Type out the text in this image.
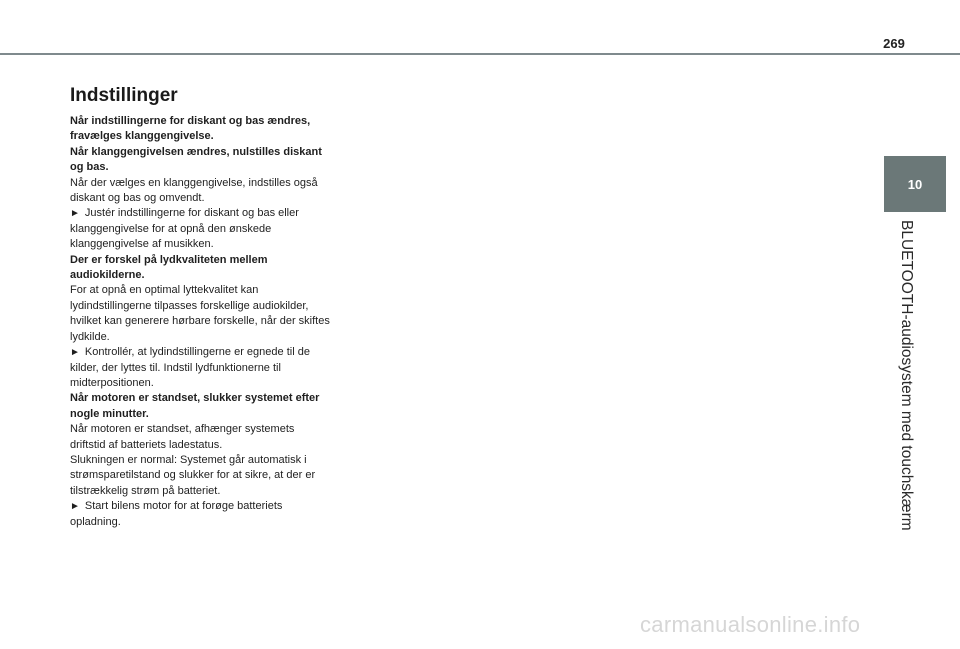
269
10
BLUETOOTH-audiosystem med touchskærm
Indstillinger

Når indstillingerne for diskant og bas ændres, fravælges klanggengivelse.

Når klanggengivelsen ændres, nulstilles diskant og bas.

Når der vælges en klanggengivelse, indstilles også diskant og bas og omvendt.

► Justér indstillingerne for diskant og bas eller klanggengivelse for at opnå den ønskede klanggengivelse af musikken.

Der er forskel på lydkvaliteten mellem audiokilderne.

For at opnå en optimal lyttekvalitet kan lydindstillingerne tilpasses forskellige audiokilder, hvilket kan generere hørbare forskelle, når der skiftes lydkilde.

► Kontrollér, at lydindstillingerne er egnede til de kilder, der lyttes til. Indstil lydfunktionerne til midterpositionen.

Når motoren er standset, slukker systemet efter nogle minutter.

Når motoren er standset, afhænger systemets driftstid af batteriets ladestatus.

Slukningen er normal: Systemet går automatisk i strømsparetilstand og slukker for at sikre, at der er tilstrækkelig strøm på batteriet.

► Start bilens motor for at forøge batteriets opladning.

carmanualsonline.info
